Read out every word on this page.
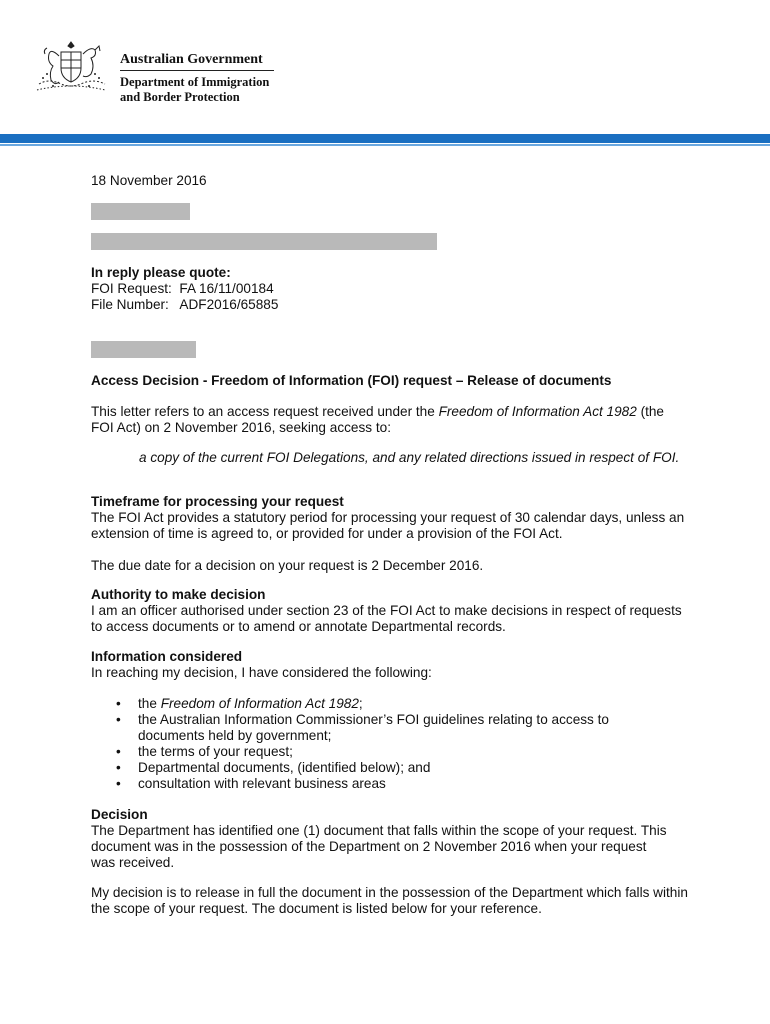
Australian Government
Department of Immigration
and Border Protection
18 November 2016
In reply please quote:
FOI Request: FA 16/11/00184
File Number: ADF2016/65885
Access Decision - Freedom of Information (FOI) request – Release of documents
This letter refers to an access request received under the Freedom of Information Act 1982 (the FOI Act) on 2 November 2016, seeking access to:
a copy of the current FOI Delegations, and any related directions issued in respect of FOI.
Timeframe for processing your request
The FOI Act provides a statutory period for processing your request of 30 calendar days, unless an extension of time is agreed to, or provided for under a provision of the FOI Act.
The due date for a decision on your request is 2 December 2016.
Authority to make decision
I am an officer authorised under section 23 of the FOI Act to make decisions in respect of requests to access documents or to amend or annotate Departmental records.
Information considered
In reaching my decision, I have considered the following:
• the Freedom of Information Act 1982;
• the Australian Information Commissioner’s FOI guidelines relating to access to documents held by government;
• the terms of your request;
• Departmental documents, (identified below); and
• consultation with relevant business areas
Decision
The Department has identified one (1) document that falls within the scope of your request. This document was in the possession of the Department on 2 November 2016 when your request was received.
My decision is to release in full the document in the possession of the Department which falls within the scope of your request. The document is listed below for your reference.
